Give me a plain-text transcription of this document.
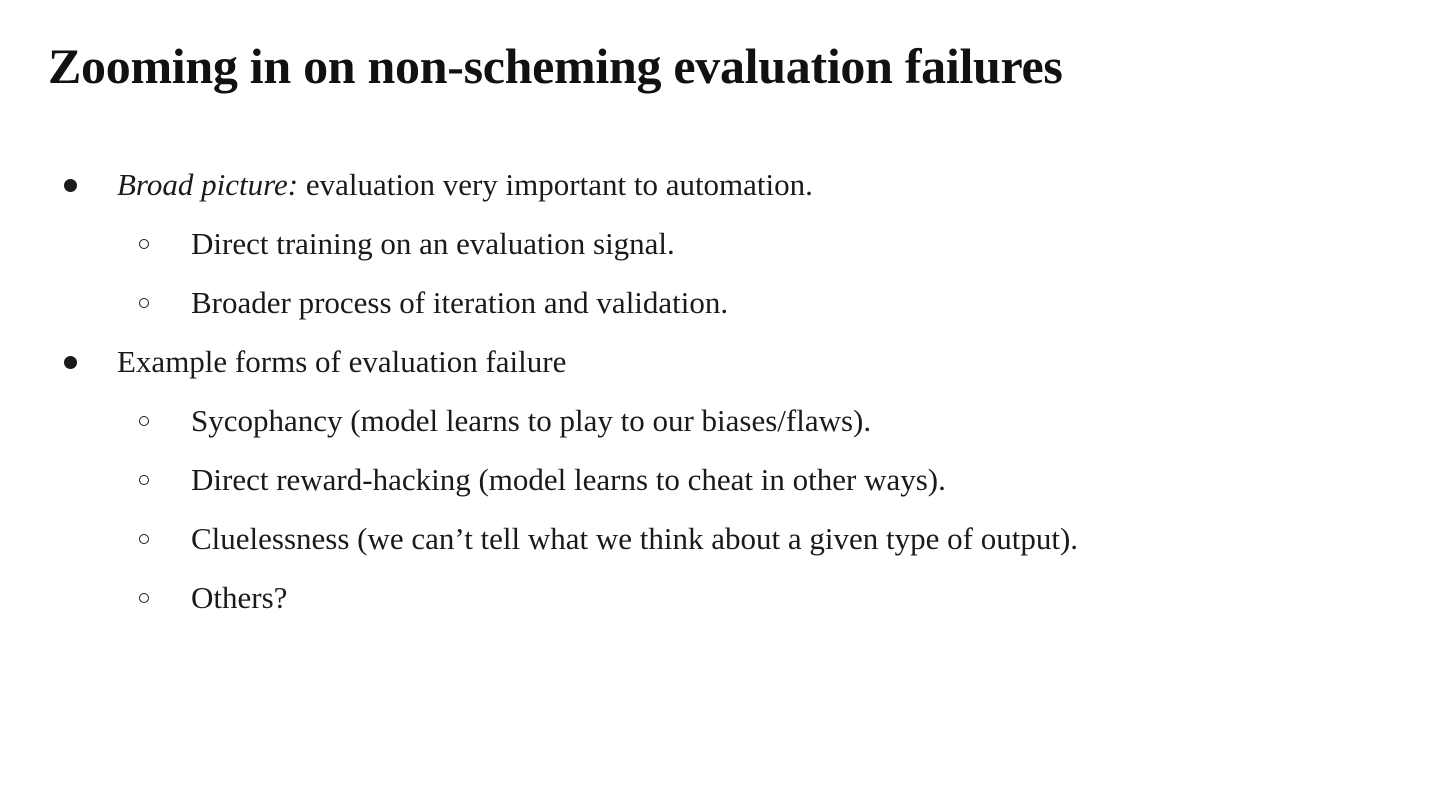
Zooming in on non-scheming evaluation failures
Broad picture: evaluation very important to automation.
Direct training on an evaluation signal.
Broader process of iteration and validation.
Example forms of evaluation failure
Sycophancy (model learns to play to our biases/flaws).
Direct reward-hacking (model learns to cheat in other ways).
Cluelessness (we can’t tell what we think about a given type of output).
Others?
